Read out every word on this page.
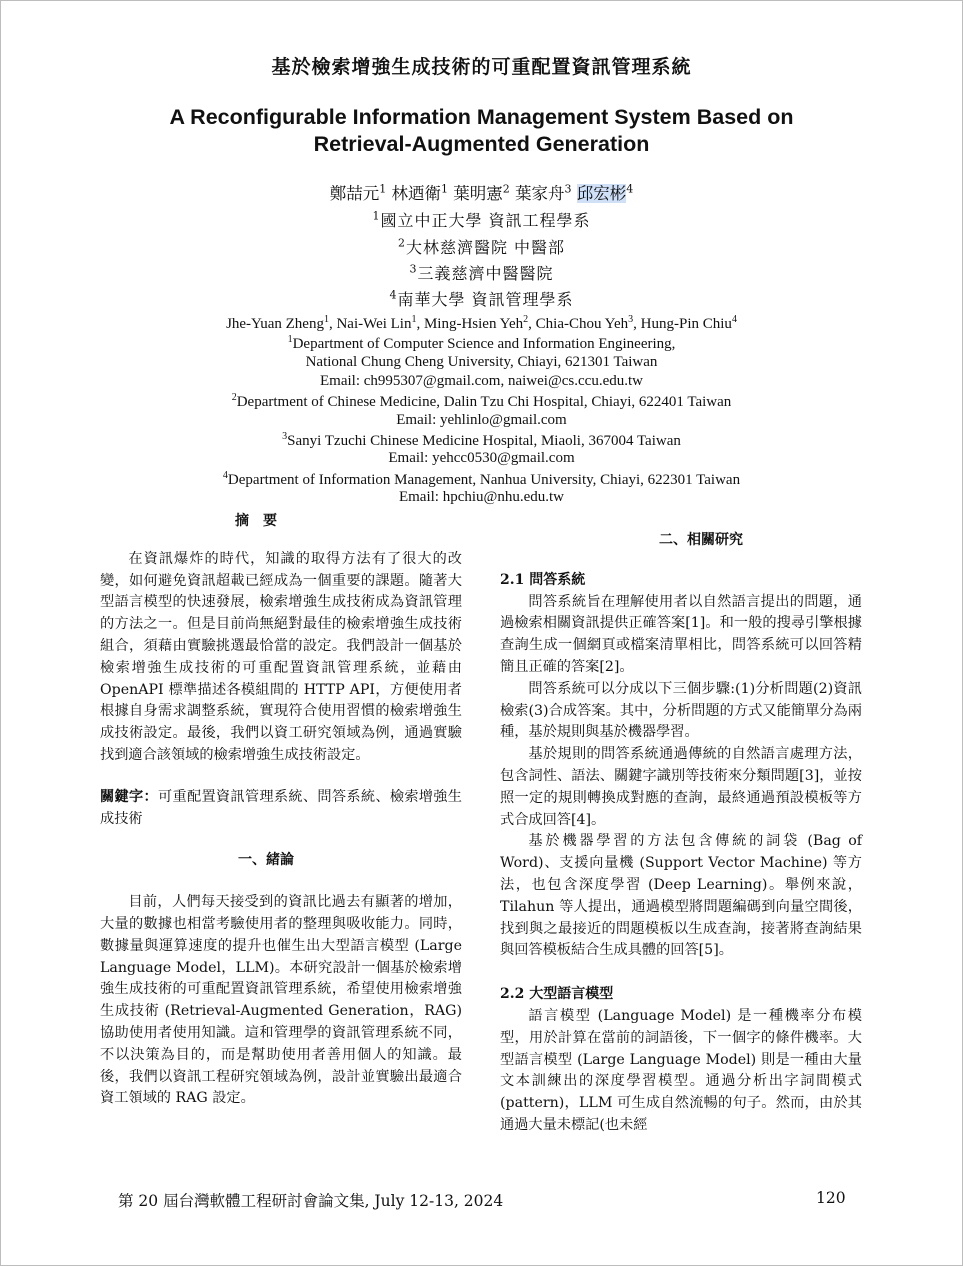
基於檢索增強生成技術的可重配置資訊管理系統
A Reconfigurable Information Management System Based on
Retrieval-Augmented Generation
鄭喆元$^1$ 林迺衛$^1$ 葉明憲$^2$ 葉家舟$^3$ 邱宏彬$^4$
$^1$國立中正大學 資訊工程學系
$^2$大林慈濟醫院 中醫部
$^3$三義慈濟中醫醫院
$^4$南華大學 資訊管理學系
Jhe-Yuan Zheng$^1$, Nai-Wei Lin$^1$, Ming-Hsien Yeh$^2$, Chia-Chou Yeh$^3$, Hung-Pin Chiu$^4$
$^1$Department of Computer Science and Information Engineering,
National Chung Cheng University, Chiayi, 621301 Taiwan
Email: ch995307@gmail.com, naiwei@cs.ccu.edu.tw
$^2$Department of Chinese Medicine, Dalin Tzu Chi Hospital, Chiayi, 622401 Taiwan
Email: yehlinlo@gmail.com
$^3$Sanyi Tzuchi Chinese Medicine Hospital, Miaoli, 367004 Taiwan
Email: yehcc0530@gmail.com
$^4$Department of Information Management, Nanhua University, Chiayi, 622301 Taiwan
Email: hpchiu@nhu.edu.tw

摘　要

在資訊爆炸的時代，知識的取得方法有了很大的改變，如何避免資訊超載已經成為一個重要的課題。隨著大型語言模型的快速發展，檢索增強生成技術成為資訊管理的方法之一。但是目前尚無絕對最佳的檢索增強生成技術組合，須藉由實驗挑選最恰當的設定。我們設計一個基於檢索增強生成技術的可重配置資訊管理系統，並藉由 OpenAPI 標準描述各模組間的 HTTP API，方便使用者根據自身需求調整系統，實現符合使用習慣的檢索增強生成技術設定。最後，我們以資工研究領域為例，通過實驗找到適合該領域的檢索增強生成技術設定。

關鍵字：可重配置資訊管理系統、問答系統、檢索增強生成技術

一、緒論

目前，人們每天接受到的資訊比過去有顯著的增加，大量的數據也相當考驗使用者的整理與吸收能力。同時，數據量與運算速度的提升也催生出大型語言模型 (Large Language Model，LLM)。本研究設計一個基於檢索增強生成技術的可重配置資訊管理系統，希望使用檢索增強生成技術 (Retrieval-Augmented Generation，RAG)協助使用者使用知識。這和管理學的資訊管理系統不同，不以決策為目的，而是幫助使用者善用個人的知識。最後，我們以資訊工程研究領域為例，設計並實驗出最適合資工領域的 RAG 設定。

二、相關研究

2.1 問答系統

問答系統旨在理解使用者以自然語言提出的問題，通過檢索相關資訊提供正確答案[1]。和一般的搜尋引擎根據查詢生成一個網頁或檔案清單相比，問答系統可以回答精簡且正確的答案[2]。

問答系統可以分成以下三個步驟:(1)分析問題(2)資訊檢索(3)合成答案。其中，分析問題的方式又能簡單分為兩種，基於規則與基於機器學習。

基於規則的問答系統通過傳統的自然語言處理方法，包含詞性、語法、關鍵字識別等技術來分類問題[3]，並按照一定的規則轉換成對應的查詢，最終通過預設模板等方式合成回答[4]。

基於機器學習的方法包含傳統的詞袋 (Bag of Word)、支援向量機 (Support Vector Machine) 等方法，也包含深度學習 (Deep Learning)。舉例來說，Tilahun 等人提出，通過模型將問題編碼到向量空間後，找到與之最接近的問題模板以生成查詢，接著將查詢結果與回答模板結合生成具體的回答[5]。

2.2 大型語言模型

語言模型 (Language Model) 是一種機率分布模型，用於計算在當前的詞語後，下一個字的條件機率。大型語言模型 (Large Language Model) 則是一種由大量文本訓練出的深度學習模型。通過分析出字詞間模式 (pattern)，LLM 可生成自然流暢的句子。然而，由於其通過大量未標記(也未經

第 20 屆台灣軟體工程研討會論文集, July 12-13, 2024	120
